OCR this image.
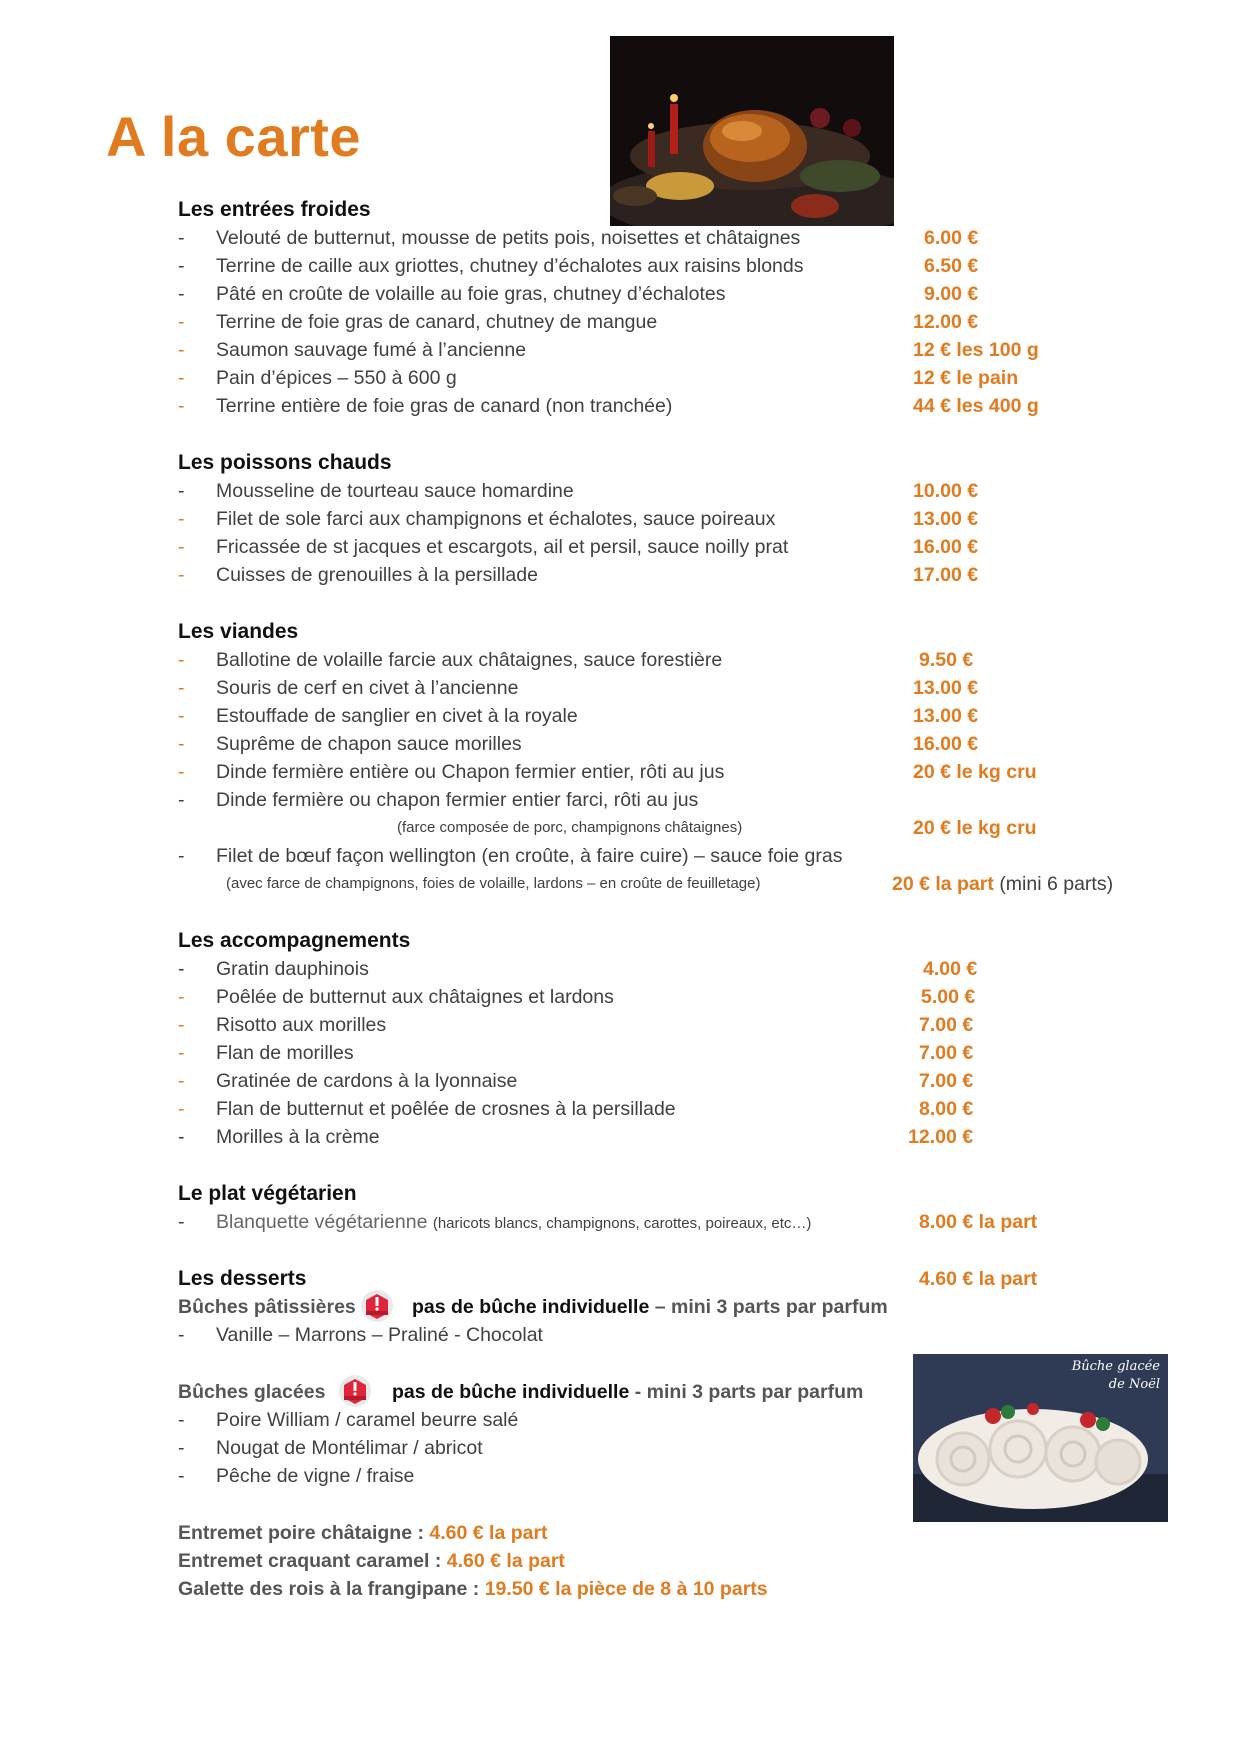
A la carte
Bûche glacée
de Noël
Les entrées froides
-	Velouté de butternut, mousse de petits pois, noisettes et châtaignes	6.00 €
-	Terrine de caille aux griottes, chutney d’échalotes aux raisins blonds	6.50 €
-	Pâté en croûte de volaille au foie gras, chutney d’échalotes	9.00 €
-	Terrine de foie gras de canard, chutney de mangue	12.00 €
-	Saumon sauvage fumé à l’ancienne	12 € les 100 g
-	Pain d’épices – 550 à 600 g	12 € le pain
-	Terrine entière de foie gras de canard (non tranchée)	44 € les 400 g
Les poissons chauds
-	Mousseline de tourteau sauce homardine	10.00 €
-	Filet de sole farci aux champignons et échalotes, sauce poireaux	13.00 €
-	Fricassée de st jacques et escargots, ail et persil, sauce noilly prat	16.00 €
-	Cuisses de grenouilles à la persillade	17.00 €
Les viandes
-	Ballotine de volaille farcie aux châtaignes, sauce forestière	9.50 €
-	Souris de cerf en civet à l’ancienne	13.00 €
-	Estouffade de sanglier en civet à la royale	13.00 €
-	Suprême de chapon sauce morilles	16.00 €
-	Dinde fermière entière ou Chapon fermier entier, rôti au jus	20 € le kg cru
-	Dinde fermière ou chapon fermier entier farci, rôti au jus
(farce composée de porc, champignons châtaignes)	20 € le kg cru
-	Filet de bœuf façon wellington (en croûte, à faire cuire) – sauce foie gras
(avec farce de champignons, foies de volaille, lardons – en croûte de feuilletage)	20 € la part (mini 6 parts)
Les accompagnements
-	Gratin dauphinois	4.00 €
-	Poêlée de butternut aux châtaignes et lardons	5.00 €
-	Risotto aux morilles	7.00 €
-	Flan de morilles	7.00 €
-	Gratinée de cardons à la lyonnaise	7.00 €
-	Flan de butternut et poêlée de crosnes à la persillade	8.00 €
-	Morilles à la crème	12.00 €
Le plat végétarien
-	Blanquette végétarienne (haricots blancs, champignons, carottes, poireaux, etc…)	8.00 € la part
Les desserts	4.60 € la part
Bûches pâtissières	pas de bûche individuelle – mini 3 parts par parfum
-	Vanille – Marrons – Praliné - Chocolat
Bûches glacées	pas de bûche individuelle - mini 3 parts par parfum
-	Poire William / caramel beurre salé
-	Nougat de Montélimar / abricot
-	Pêche de vigne / fraise
Entremet poire châtaigne : 4.60 € la part
Entremet craquant caramel : 4.60 € la part
Galette des rois à la frangipane : 19.50 € la pièce de 8 à 10 parts
